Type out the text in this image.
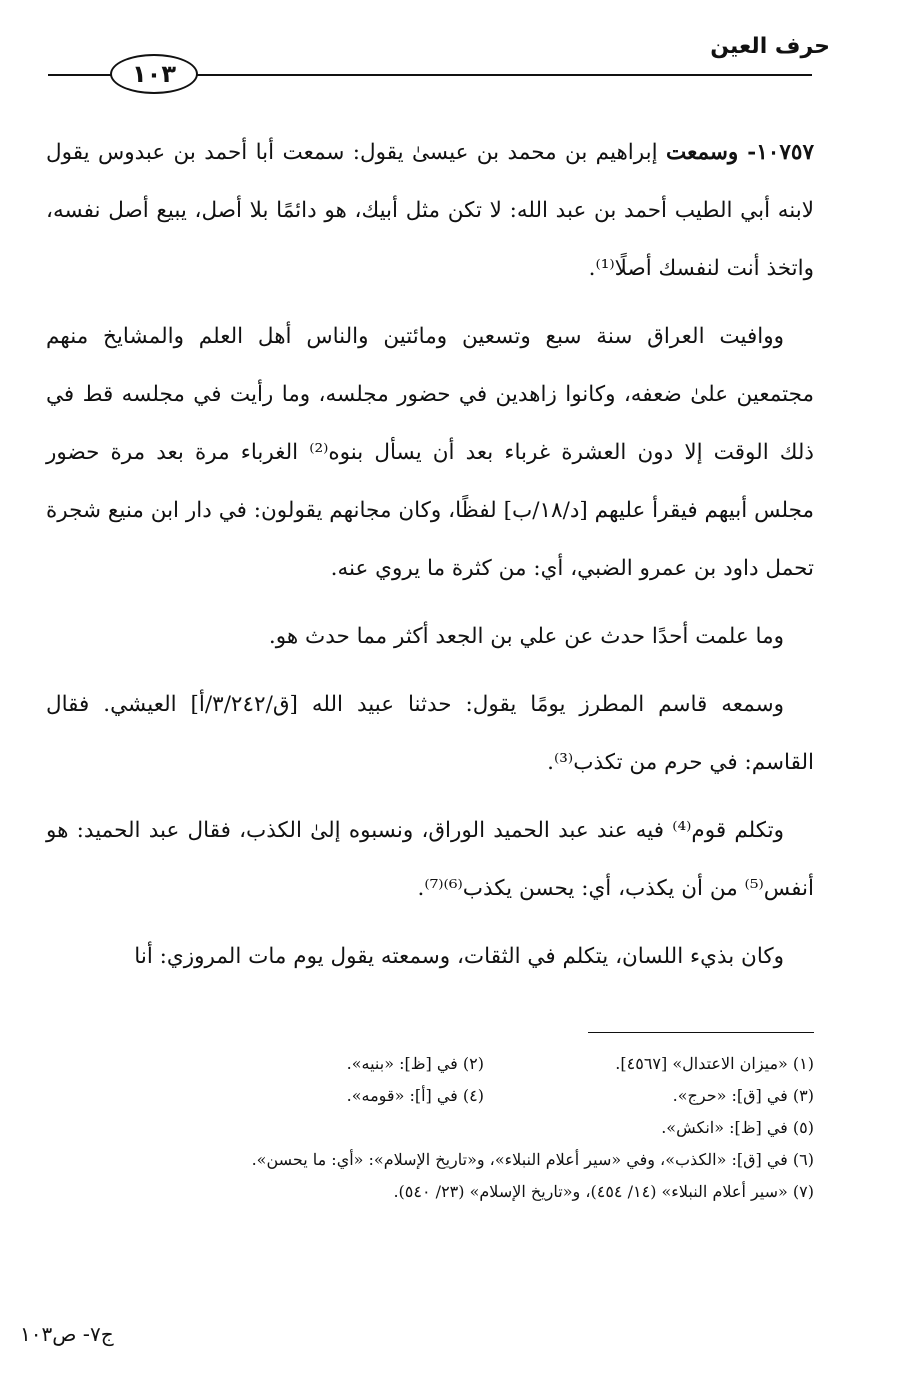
حرف العين
١٠٣

١٠٧٥٧- وسمعت إبراهيم بن محمد بن عيسىٰ يقول: سمعت أبا أحمد بن عبدوس يقول لابنه أبي الطيب أحمد بن عبد الله: لا تكن مثل أبيك، هو دائمًا بلا أصل، يبيع أصل نفسه، واتخذ أنت لنفسك أصلًا⁽¹⁾.

ووافيت العراق سنة سبع وتسعين ومائتين والناس أهل العلم والمشايخ منهم مجتمعين علىٰ ضعفه، وكانوا زاهدين في حضور مجلسه، وما رأيت في مجلسه قط في ذلك الوقت إلا دون العشرة غرباء بعد أن يسأل بنوه⁽²⁾ الغرباء مرة بعد مرة حضور مجلس أبيهم فيقرأ عليهم [د/١٨/ب] لفظًا، وكان مجانهم يقولون: في دار ابن منيع شجرة تحمل داود بن عمرو الضبي، أي: من كثرة ما يروي عنه.

وما علمت أحدًا حدث عن علي بن الجعد أكثر مما حدث هو.

وسمعه قاسم المطرز يومًا يقول: حدثنا عبيد الله [ق/٣/٢٤٢/أ] العيشي. فقال القاسم: في حرم من تكذب⁽³⁾.

وتكلم قوم⁽⁴⁾ فيه عند عبد الحميد الوراق، ونسبوه إلىٰ الكذب، فقال عبد الحميد: هو أنفس⁽⁵⁾ من أن يكذب، أي: يحسن يكذب⁽⁶⁾⁽⁷⁾.

وكان بذيء اللسان، يتكلم في الثقات، وسمعته يقول يوم مات المروزي: أنا

(١) «ميزان الاعتدال» [٤٥٦٧].
(٢) في [ظ]: «بنيه».
(٣) في [ق]: «حرج».
(٤) في [أ]: «قومه».
(٥) في [ظ]: «انكش».
(٦) في [ق]: «الكذب»، وفي «سير أعلام النبلاء»، و«تاريخ الإسلام»: «أي: ما يحسن».
(٧) «سير أعلام النبلاء» (١٤/ ٤٥٤)، و«تاريخ الإسلام» (٢٣/ ٥٤٠).
ج٧- ص١٠٣
